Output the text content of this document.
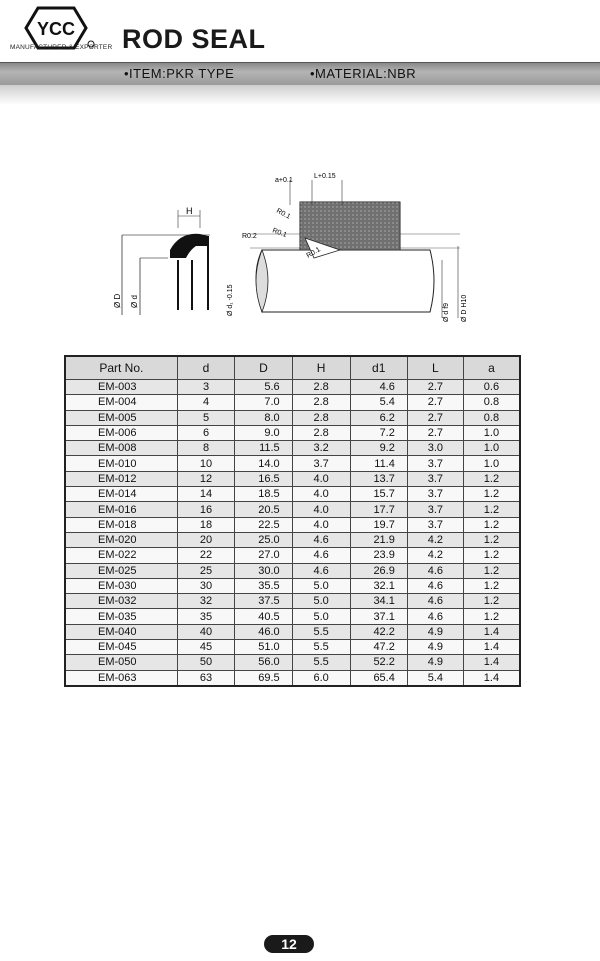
YCC
MANUFACTURER & EXPORTER ROD SEAL
•ITEM:PKR TYPE	•MATERIAL:NBR
H
Ø D Ø d
a+0.1
L+0.15
R0.1
R0.2 R0.1
R0.1
Ø d₁ -0.15	Ø d f9 Ø D H10
Part No.	d	D	H	d1	L	a
EM-003	3	5.6	2.8	4.6	2.7	0.6
EM-004	4	7.0	2.8	5.4	2.7	0.8
EM-005	5	8.0	2.8	6.2	2.7	0.8
EM-006	6	9.0	2.8	7.2	2.7	1.0
EM-008	8	11.5	3.2	9.2	3.0	1.0
EM-010	10	14.0	3.7	11.4	3.7	1.0
EM-012	12	16.5	4.0	13.7	3.7	1.2
EM-014	14	18.5	4.0	15.7	3.7	1.2
EM-016	16	20.5	4.0	17.7	3.7	1.2
EM-018	18	22.5	4.0	19.7	3.7	1.2
EM-020	20	25.0	4.6	21.9	4.2	1.2
EM-022	22	27.0	4.6	23.9	4.2	1.2
EM-025	25	30.0	4.6	26.9	4.6	1.2
EM-030	30	35.5	5.0	32.1	4.6	1.2
EM-032	32	37.5	5.0	34.1	4.6	1.2
EM-035	35	40.5	5.0	37.1	4.6	1.2
EM-040	40	46.0	5.5	42.2	4.9	1.4
EM-045	45	51.0	5.5	47.2	4.9	1.4
EM-050	50	56.0	5.5	52.2	4.9	1.4
EM-063	63	69.5	6.0	65.4	5.4	1.4
12
